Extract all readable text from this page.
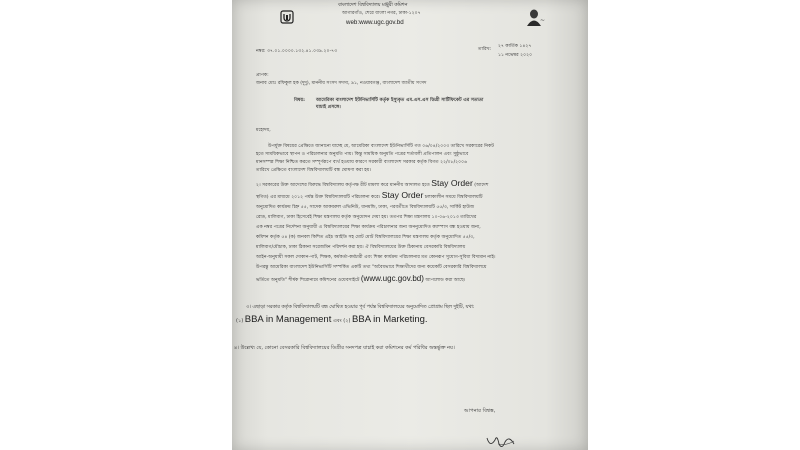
বাংলাদেশ বিশ্ববিদ্যালয় মঞ্জুরী কমিশন
আগারগাঁও, শেরে বাংলা নগর, ঢাকা-১২০৭
web:www.ugc.gov.bd	~
নম্বর: ৩৭.০১.০০০০.১৩২.৪১.০৩৯.২০-৭৩	তারিখ:
২৭ কার্তিক ১৪২৭
১১ নভেম্বর ২০২০
প্রাপক:
জনাব মোঃ রফিকুল হক (দুদু), মাননীয় সংসদ সদস্য, ৯১, নওয়াবগঞ্জ, বাংলাদেশ জাতীয় সংসদ
বিষয়: আমেরিকা বাংলাদেশ ইউনিভার্সিটি কর্তৃক ইস্যুকৃত এম.এস.এস ডিগ্রী সার্টিফিকেট এর সত্যতা
যাচাই প্রসঙ্গে।
মহোদয়,
উপর্যুক্ত বিষয়ের প্রেক্ষিতে জানানো যাচ্ছে যে, আমেরিকা বাংলাদেশ ইউনিভার্সিটি গত ০৬/০৪/২০০৩ তারিখে সরকারের নিকট
হতে সাময়িকভাবে স্থাপন ও পরিচালনার অনুমতি পায়। কিন্তু সাময়িক অনুমতি পত্রের শর্তাবলী প্রতিপালন এবং সুষ্ঠুভাবে
মানসম্পন্ন শিক্ষা নিশ্চিত করতে সম্পূর্ণরূপে ব্যর্থ হওয়ায় কারণে সরকারী বাংলাদেশ সরকার কর্তৃক বিগত ২২/০৮/২০০৬
তারিখে প্রেক্ষিতে বাংলাদেশ বিশ্ববিদ্যালয়টি বন্ধ ঘোষণা করা হয়।
২। সরকারের উক্ত আদেশের বিরুদ্ধে বিশ্ববিদ্যালয় কর্তৃপক্ষ রীট মামলা করে মাননীয় আদালত হতে Stay Order (আদেশ
স্থগিত) এর মাধ্যমে ২০১২ পর্যন্ত উক্ত বিশ্ববিদ্যালয়টি পরিচালনা করে। Stay Order চলাকালীন সময়ে বিশ্ববিদ্যালয়টি
অনুমোদিত কার্যক্রম চিহ্ন ৫৫, সাদেক আকবরুল এভিনিউ, ধানমন্ডি, ঢাকা, পরবর্তীতে বিশ্ববিদ্যালয়টি ৫৫/৩, সার্কিট হাউজ
রোড, মালিবাগ, ঢাকা হিসেবেই শিক্ষা মন্ত্রণালয় কর্তৃক অনুমোদন দেয়া হয়। ততপর শিক্ষা মন্ত্রণালয় ১০-০৬-২০১৩ তারিখের
এক নম্বর পত্রের নির্দেশনা অনুযায়ী এ বিশ্ববিদ্যালয়ের শিক্ষা কার্যক্রম পরিচালনার জন্য অননুমোদিত ক্যাম্পাস বন্ধ হওয়ায় জন্য,
কমিশন কর্তৃক ৫৪ (ক) জনবল কিশিত এইচ আইডি সহ মোট মোট বিশ্ববিদ্যালয়ের শিক্ষা মন্ত্রণালয় কর্তৃক অনুমোদিত ৫৫/৩,
মালিবাগ/মৌচাক, ঢাকা ঠিকানা সরেজমিন পরিদর্শন করা হয়। ঐ বিশ্ববিদ্যালয়ের উক্ত ঠিকানায় বেসরকারি বিশ্ববিদ্যালয়
আইন-অনুযায়ী সকল দোকান-পাট, শিক্ষক, কর্মকর্তা-কর্মচারী এবং শিক্ষা কার্যক্রম পরিচালনার মত কোনরূপ সুযোগ-সুবিধা বিদ্যমান নাই।
উপরন্তু আমেরিকা বাংলাদেশ ইউনিভার্সিটি সম্পর্কিত একটি তথ্য "অবৈধভাবে শিক্ষার্থীদের জন্য কয়েকটি বেসরকারি বিশ্ববিদ্যালয়ে
ভর্তিতে অনুমতি" শীর্ষক শিরোনামে কমিশনের ওয়েবসাইটে (www.ugc.gov.bd) আপলোড করা আছে।
৩। এছাড়া সরকার কর্তৃক বিশ্ববিদ্যালয়টি বন্ধ ঘোষিত হওয়ার পূর্ব পর্যন্ত বিশ্ববিদ্যালয়ের অনুমোদিত প্রোগ্রাম ছিল দুইটি, যথা:
(১) BBA in Management এবং (২) BBA in Marketing.
৪। উল্লেখ্য যে, কোনো বেসরকারি বিশ্ববিদ্যালয়ের ডিগ্রীর সনদপত্র যাচাই করা কমিশনের কর্ম পরিধির অন্তর্ভুক্ত নয়।
আপনার বিশ্বস্ত,
